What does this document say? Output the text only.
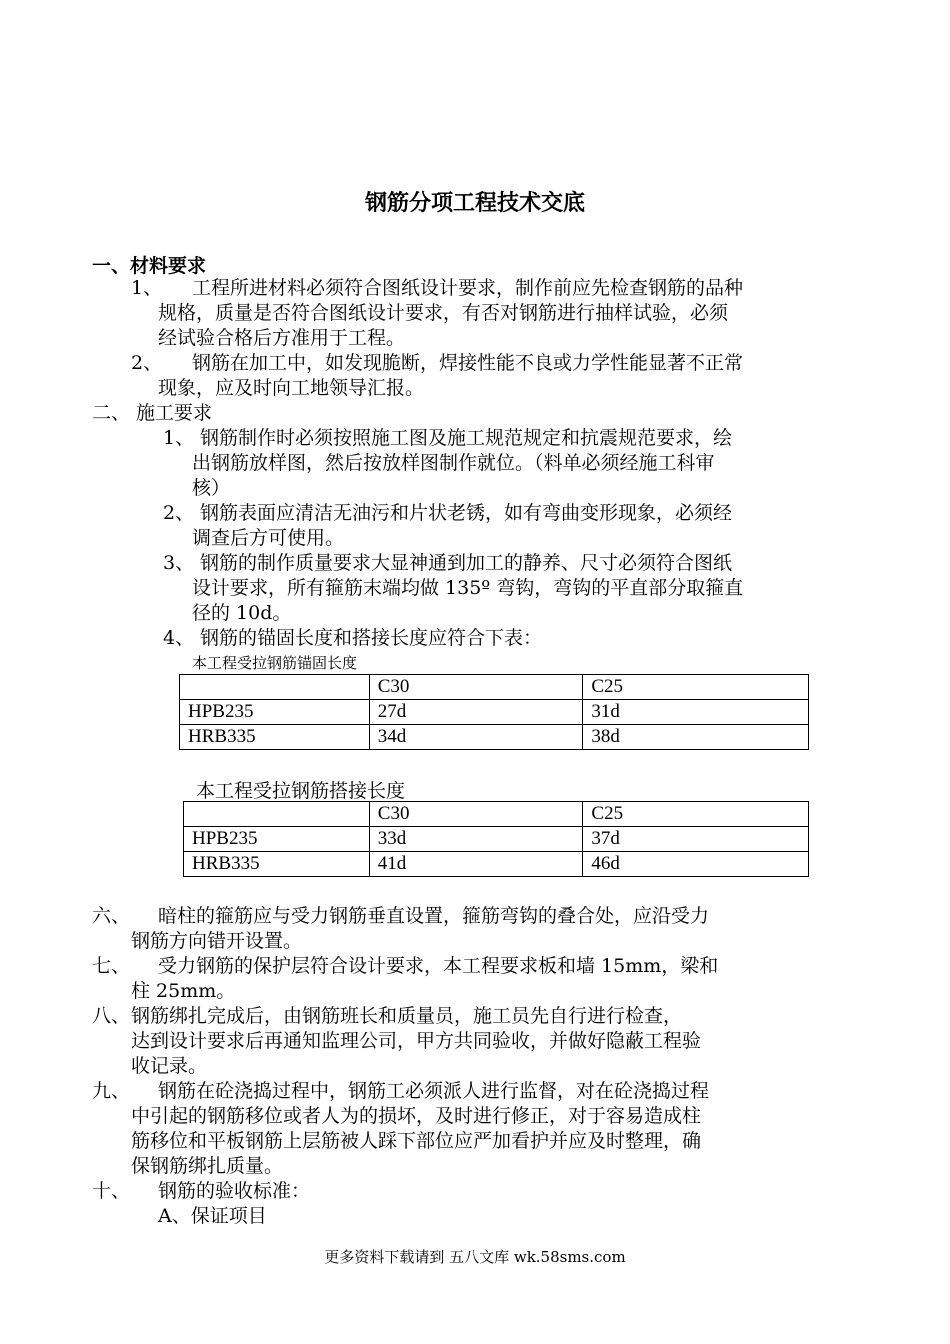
钢筋分项工程技术交底
一、材料要求
1、 工程所进材料必须符合图纸设计要求，制作前应先检查钢筋的品种
规格，质量是否符合图纸设计要求，有否对钢筋进行抽样试验，必须
经试验合格后方准用于工程。
2、 钢筋在加工中，如发现脆断，焊接性能不良或力学性能显著不正常
现象，应及时向工地领导汇报。
二、 施工要求
1、 钢筋制作时必须按照施工图及施工规范规定和抗震规范要求，绘
出钢筋放样图，然后按放样图制作就位。（料单必须经施工科审
核）
2、 钢筋表面应清洁无油污和片状老锈，如有弯曲变形现象，必须经
调查后方可使用。
3、 钢筋的制作质量要求大显神通到加工的静养、尺寸必须符合图纸
设计要求，所有箍筋末端均做 135º 弯钩，弯钩的平直部分取箍直
径的 10d。
4、 钢筋的锚固长度和搭接长度应符合下表：
本工程受拉钢筋锚固长度
	C30	C25
HPB235	27d	31d
HRB335	34d	38d
本工程受拉钢筋搭接长度
	C30	C25
HPB235	33d	37d
HRB335	41d	46d
六、 暗柱的箍筋应与受力钢筋垂直设置，箍筋弯钩的叠合处，应沿受力
钢筋方向错开设置。
七、 受力钢筋的保护层符合设计要求，本工程要求板和墙 15mm，梁和
柱 25mm。
八、 钢筋绑扎完成后，由钢筋班长和质量员，施工员先自行进行检查，
达到设计要求后再通知监理公司，甲方共同验收，并做好隐蔽工程验
收记录。
九、 钢筋在砼浇捣过程中，钢筋工必须派人进行监督，对在砼浇捣过程
中引起的钢筋移位或者人为的损坏，及时进行修正，对于容易造成柱
筋移位和平板钢筋上层筋被人踩下部位应严加看护并应及时整理，确
保钢筋绑扎质量。
十、 钢筋的验收标准：
A、保证项目
更多资料下载请到 五八文库 wk.58sms.com
